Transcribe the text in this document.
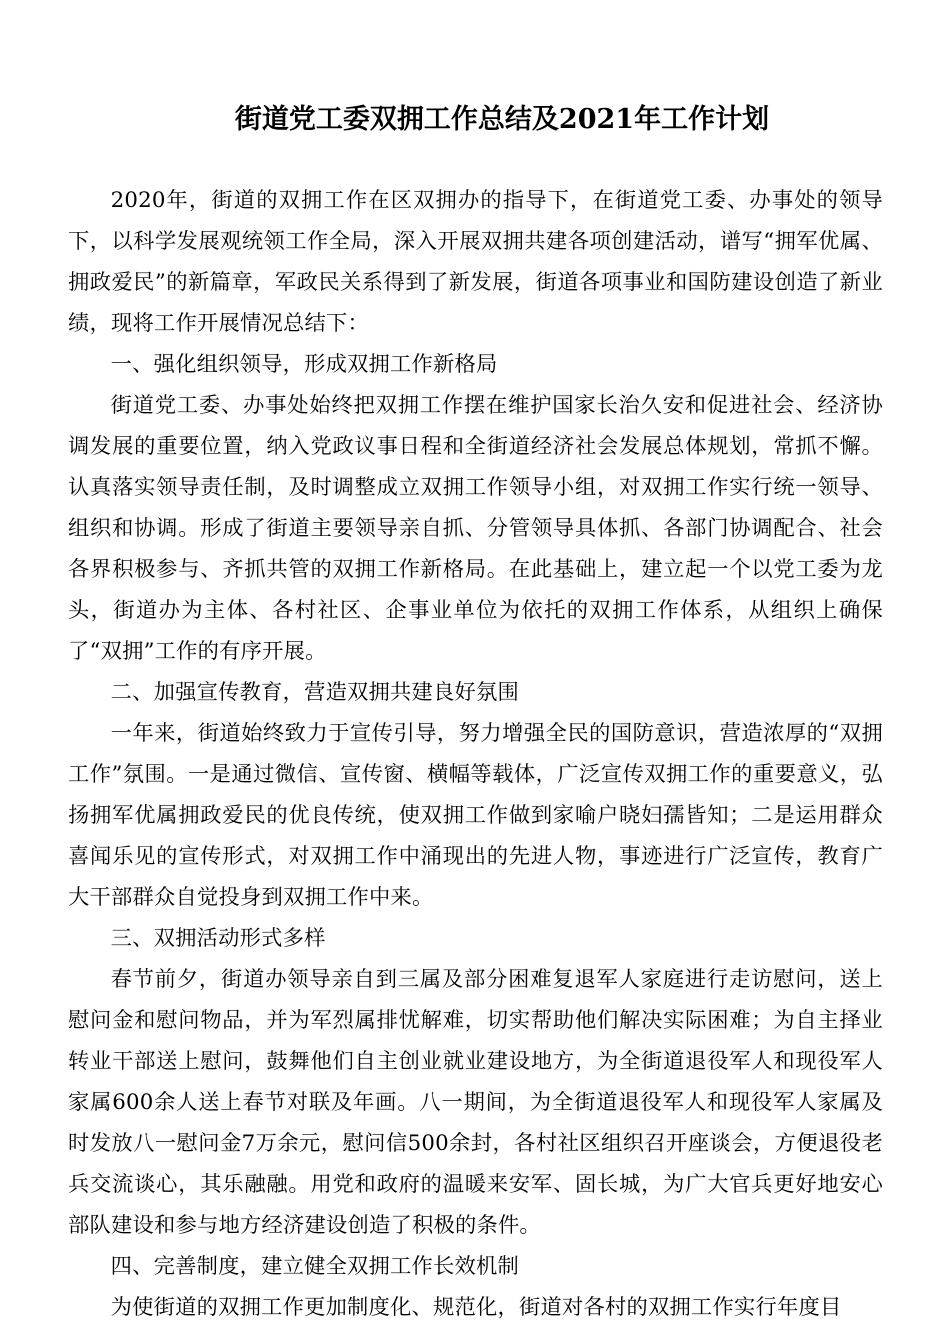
街道党工委双拥工作总结及2021年工作计划

2020年，街道的双拥工作在区双拥办的指导下，在街道党工委、办事处的领导下，以科学发展观统领工作全局，深入开展双拥共建各项创建活动，谱写“拥军优属、拥政爱民”的新篇章，军政民关系得到了新发展，街道各项事业和国防建设创造了新业绩，现将工作开展情况总结下：

一、强化组织领导，形成双拥工作新格局

街道党工委、办事处始终把双拥工作摆在维护国家长治久安和促进社会、经济协调发展的重要位置，纳入党政议事日程和全街道经济社会发展总体规划，常抓不懈。认真落实领导责任制，及时调整成立双拥工作领导小组，对双拥工作实行统一领导、组织和协调。形成了街道主要领导亲自抓、分管领导具体抓、各部门协调配合、社会各界积极参与、齐抓共管的双拥工作新格局。在此基础上，建立起一个以党工委为龙头，街道办为主体、各村社区、企事业单位为依托的双拥工作体系，从组织上确保了“双拥”工作的有序开展。

二、加强宣传教育，营造双拥共建良好氛围

一年来，街道始终致力于宣传引导，努力增强全民的国防意识，营造浓厚的“双拥工作”氛围。一是通过微信、宣传窗、横幅等载体，广泛宣传双拥工作的重要意义，弘扬拥军优属拥政爱民的优良传统，使双拥工作做到家喻户晓妇孺皆知；二是运用群众喜闻乐见的宣传形式，对双拥工作中涌现出的先进人物，事迹进行广泛宣传，教育广大干部群众自觉投身到双拥工作中来。

三、双拥活动形式多样

春节前夕，街道办领导亲自到三属及部分困难复退军人家庭进行走访慰问，送上慰问金和慰问物品，并为军烈属排忧解难，切实帮助他们解决实际困难；为自主择业转业干部送上慰问，鼓舞他们自主创业就业建设地方，为全街道退役军人和现役军人家属600余人送上春节对联及年画。八一期间，为全街道退役军人和现役军人家属及时发放八一慰问金7万余元，慰问信500余封，各村社区组织召开座谈会，方便退役老兵交流谈心，其乐融融。用党和政府的温暖来安军、固长城，为广大官兵更好地安心部队建设和参与地方经济建设创造了积极的条件。

四、完善制度，建立健全双拥工作长效机制

为使街道的双拥工作更加制度化、规范化，街道对各村的双拥工作实行年度目
